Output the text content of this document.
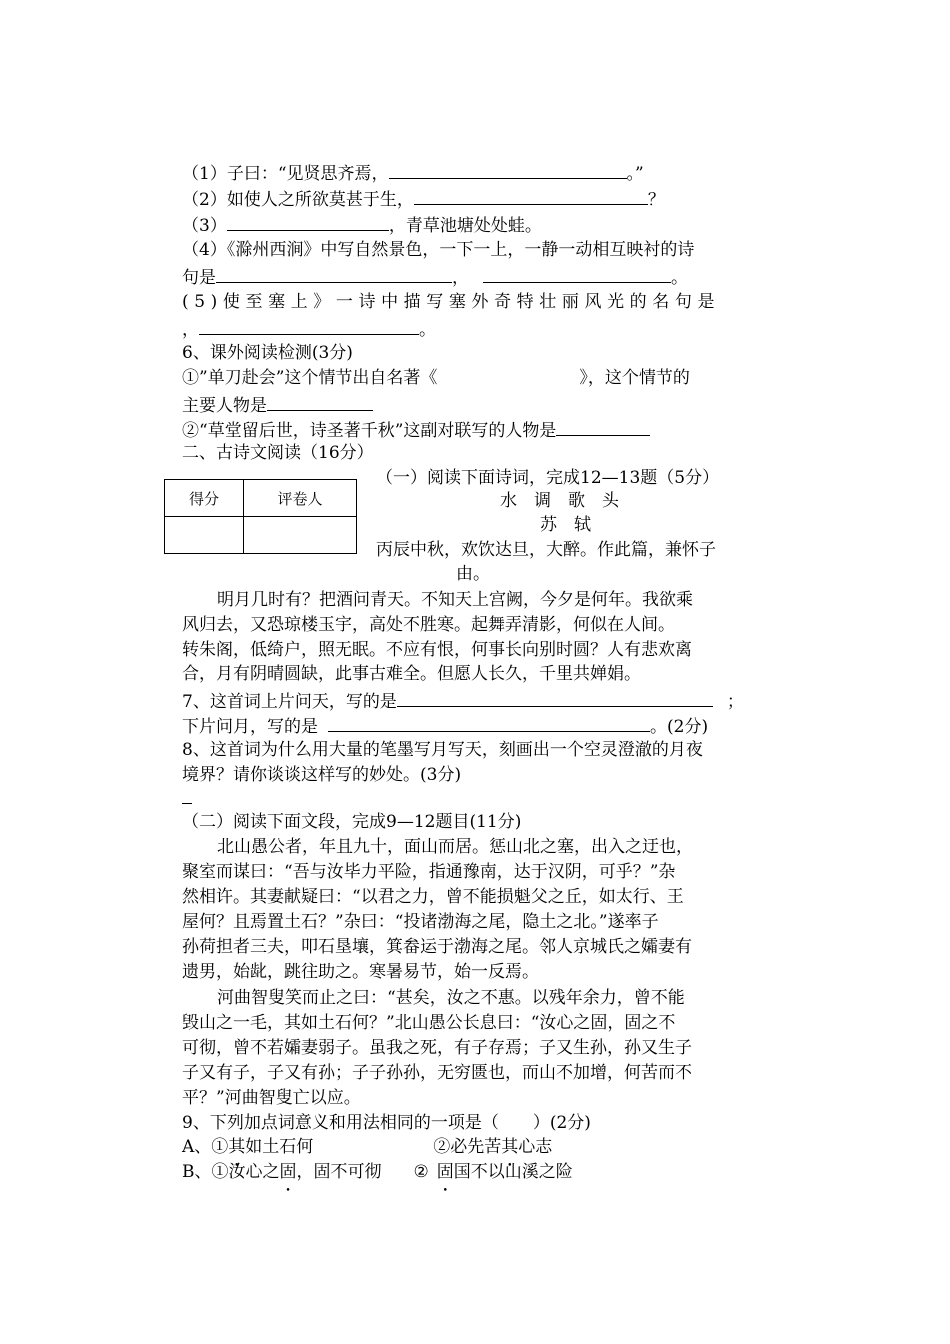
（1）子曰：“见贤思齐焉，	。”
（2）如使人之所欲莫甚于生，	？
（3）	，青草池塘处处蛙。
（4）《滁州西涧》中写自然景色，一下一上，一静一动相互映衬的诗
句是	，	。
(5)使至塞上》一诗中描写塞外奇特壮丽风光的名句是
，	。
6、课外阅读检测(3分)
①”单刀赴会”这个情节出自名著《	》，这个情节的
主要人物是
②“草堂留后世，诗圣著千秋”这副对联写的人物是
二、古诗文阅读（16分）
得分	评卷人

（一）阅读下面诗词，完成12—13题（5分）
水　调　歌　头
苏　轼
丙辰中秋，欢饮达旦，大醉。作此篇，兼怀子
由。
明月几时有？把酒问青天。不知天上宫阙，今夕是何年。我欲乘
风归去，又恐琼楼玉宇，高处不胜寒。起舞弄清影，何似在人间。
转朱阁，低绮户，照无眠。不应有恨，何事长向别时圆？人有悲欢离
合，月有阴晴圆缺，此事古难全。但愿人长久，千里共婵娟。
7、这首词上片问天，写的是	；
下片问月，写的是	。(2分)
8、这首词为什么用大量的笔墨写月写天，刻画出一个空灵澄澈的月夜
境界？请你谈谈这样写的妙处。(3分)
（二）阅读下面文段，完成9—12题目(11分)
北山愚公者，年且九十，面山而居。惩山北之塞，出入之迂也，
聚室而谋曰：“吾与汝毕力平险，指通豫南，达于汉阴，可乎？”杂
然相许。其妻献疑曰：“以君之力，曾不能损魁父之丘，如太行、王
屋何？且焉置土石？”杂曰：“投诸渤海之尾，隐土之北。”遂率子
孙荷担者三夫，叩石垦壤，箕畚运于渤海之尾。邻人京城氏之孀妻有
遗男，始龀，跳往助之。寒暑易节，始一反焉。
河曲智叟笑而止之曰：“甚矣，汝之不惠。以残年余力，曾不能
毁山之一毛，其如土石何？”北山愚公长息曰：“汝心之固，固之不
可彻，曾不若孀妻弱子。虽我之死，有子存焉；子又生孙，孙又生子
子又有子，子又有孙；子子孙孙，无穷匮也，而山不加增，何苦而不
平？”河曲智叟亡以应。
9、下列加点词意义和用法相同的一项是（　　）(2分)
A、①其如土石何	②必先苦其心志
B、①汝心之固，固不可彻 ② 固国不以山溪之险
